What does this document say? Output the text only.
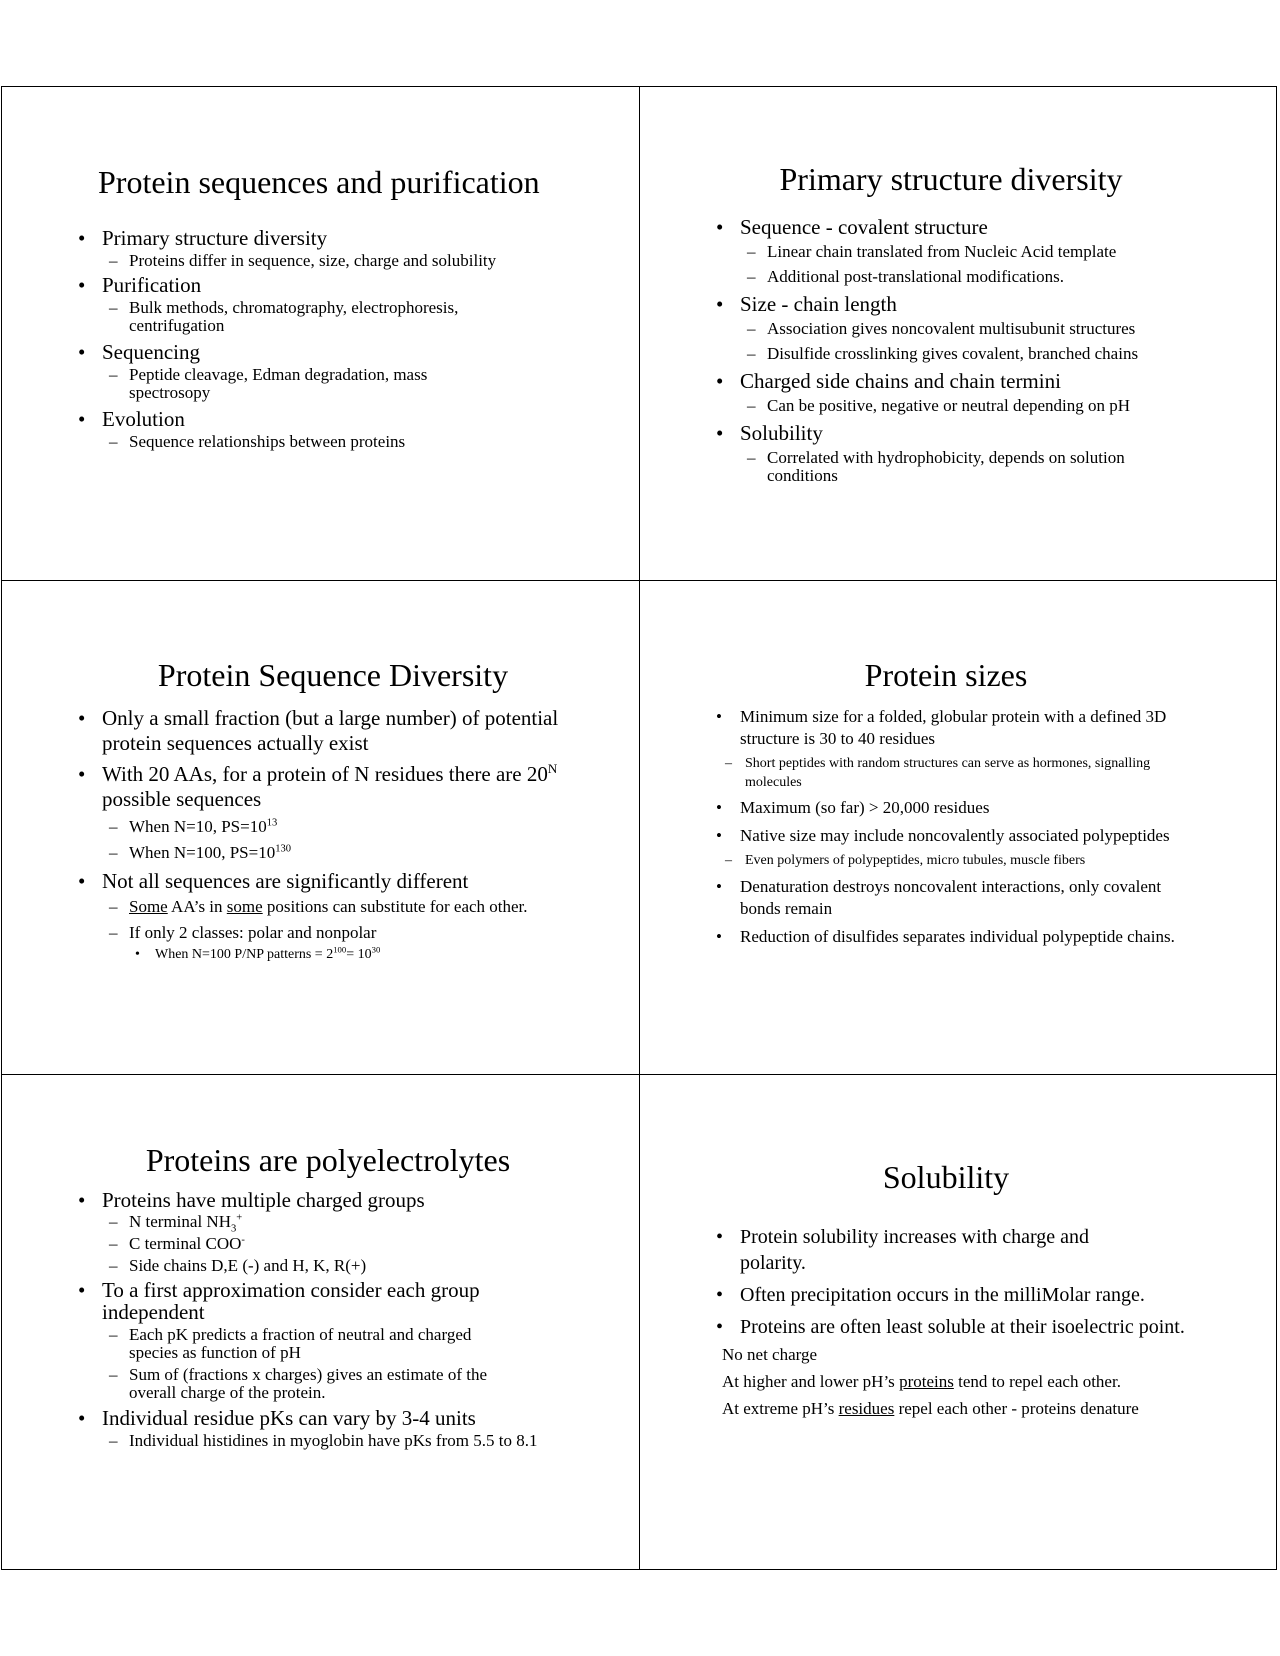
Protein sequences and purification
• Primary structure diversity
– Proteins differ in sequence, size, charge and solubility
• Purification
– Bulk methods, chromatography, electrophoresis, centrifugation
• Sequencing
– Peptide cleavage, Edman degradation, mass spectrosopy
• Evolution
– Sequence relationships between proteins
Primary structure diversity
• Sequence - covalent structure
– Linear chain translated from Nucleic Acid template
– Additional post-translational modifications.
• Size - chain length
– Association gives noncovalent multisubunit structures
– Disulfide crosslinking gives covalent, branched chains
• Charged side chains and chain termini
– Can be positive, negative or neutral depending on pH
• Solubility
– Correlated with hydrophobicity, depends on solution conditions
Protein Sequence Diversity
• Only a small fraction (but a large number) of potential protein sequences actually exist
• With 20 AAs, for a protein of N residues there are $20^N$ possible sequences
– When N=10, $PS=10^{13}$
– When N=100, $PS=10^{130}$
• Not all sequences are significantly different
– Some AA’s in some positions can substitute for each other.
– If only 2 classes: polar and nonpolar
• When N=100 P/NP patterns = $2^{100}= 10^{30}$
Protein sizes
• Minimum size for a folded, globular protein with a defined 3D structure is 30 to 40 residues
– Short peptides with random structures can serve as hormones, signalling molecules
• Maximum (so far) > 20,000 residues
• Native size may include noncovalently associated polypeptides
– Even polymers of polypeptides, micro tubules, muscle fibers
• Denaturation destroys noncovalent interactions, only covalent bonds remain
• Reduction of disulfides separates individual polypeptide chains.
Proteins are polyelectrolytes
• Proteins have multiple charged groups
– N terminal $NH_3^+$
– C terminal COO-
– Side chains D,E (-) and H, K, R(+)
• To a first approximation consider each group independent
– Each pK predicts a fraction of neutral and charged species as function of pH
– Sum of (fractions x charges) gives an estimate of the overall charge of the protein.
• Individual residue pKs can vary by 3-4 units
– Individual histidines in myoglobin have pKs from 5.5 to 8.1
Solubility
• Protein solubility increases with charge and polarity.
• Often precipitation occurs in the milliMolar range.
• Proteins are often least soluble at their isoelectric point.
No net charge
At higher and lower pH’s proteins tend to repel each other.
At extreme pH’s residues repel each other - proteins denature
